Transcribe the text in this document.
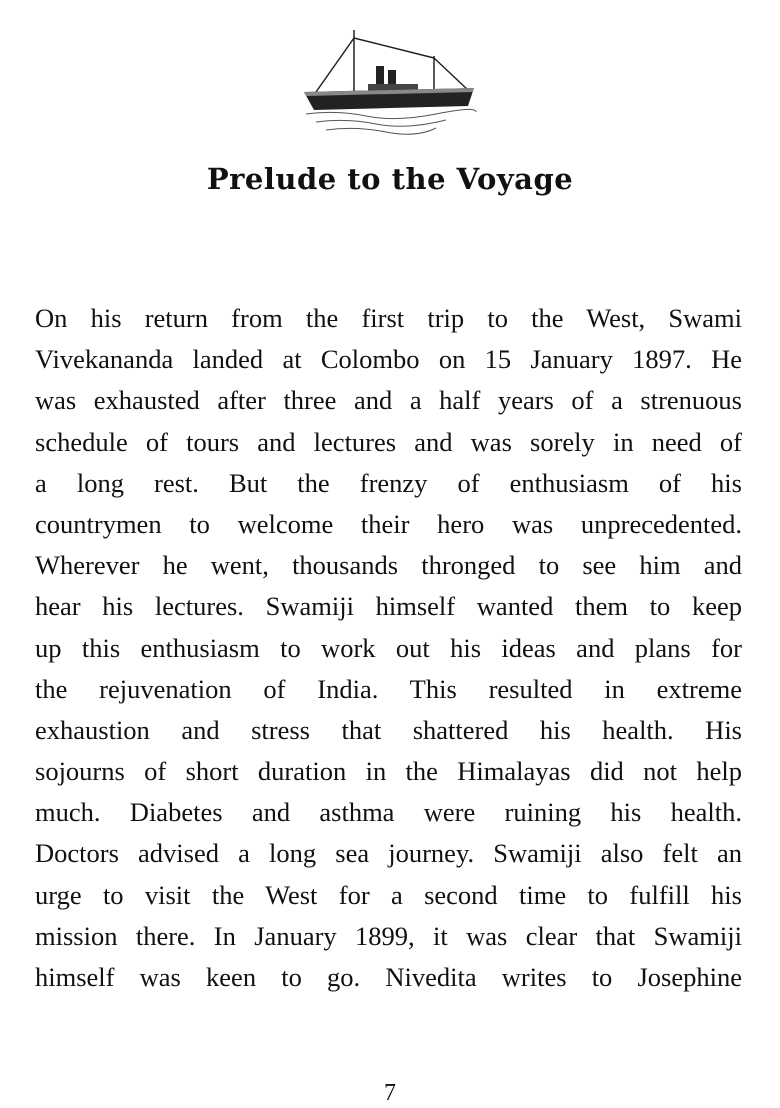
Prelude to the Voyage
On his return from the first trip to the West, Swami
Vivekananda landed at Colombo on 15 January 1897. He
was exhausted after three and a half years of a strenuous
schedule of tours and lectures and was sorely in need of
a long rest. But the frenzy of enthusiasm of his
countrymen to welcome their hero was unprecedented.
Wherever he went, thousands thronged to see him and
hear his lectures. Swamiji himself wanted them to keep
up this enthusiasm to work out his ideas and plans for
the rejuvenation of India. This resulted in extreme
exhaustion and stress that shattered his health. His
sojourns of short duration in the Himalayas did not help
much. Diabetes and asthma were ruining his health.
Doctors advised a long sea journey. Swamiji also felt an
urge to visit the West for a second time to fulfill his
mission there. In January 1899, it was clear that Swamiji
himself was keen to go. Nivedita writes to Josephine
7
